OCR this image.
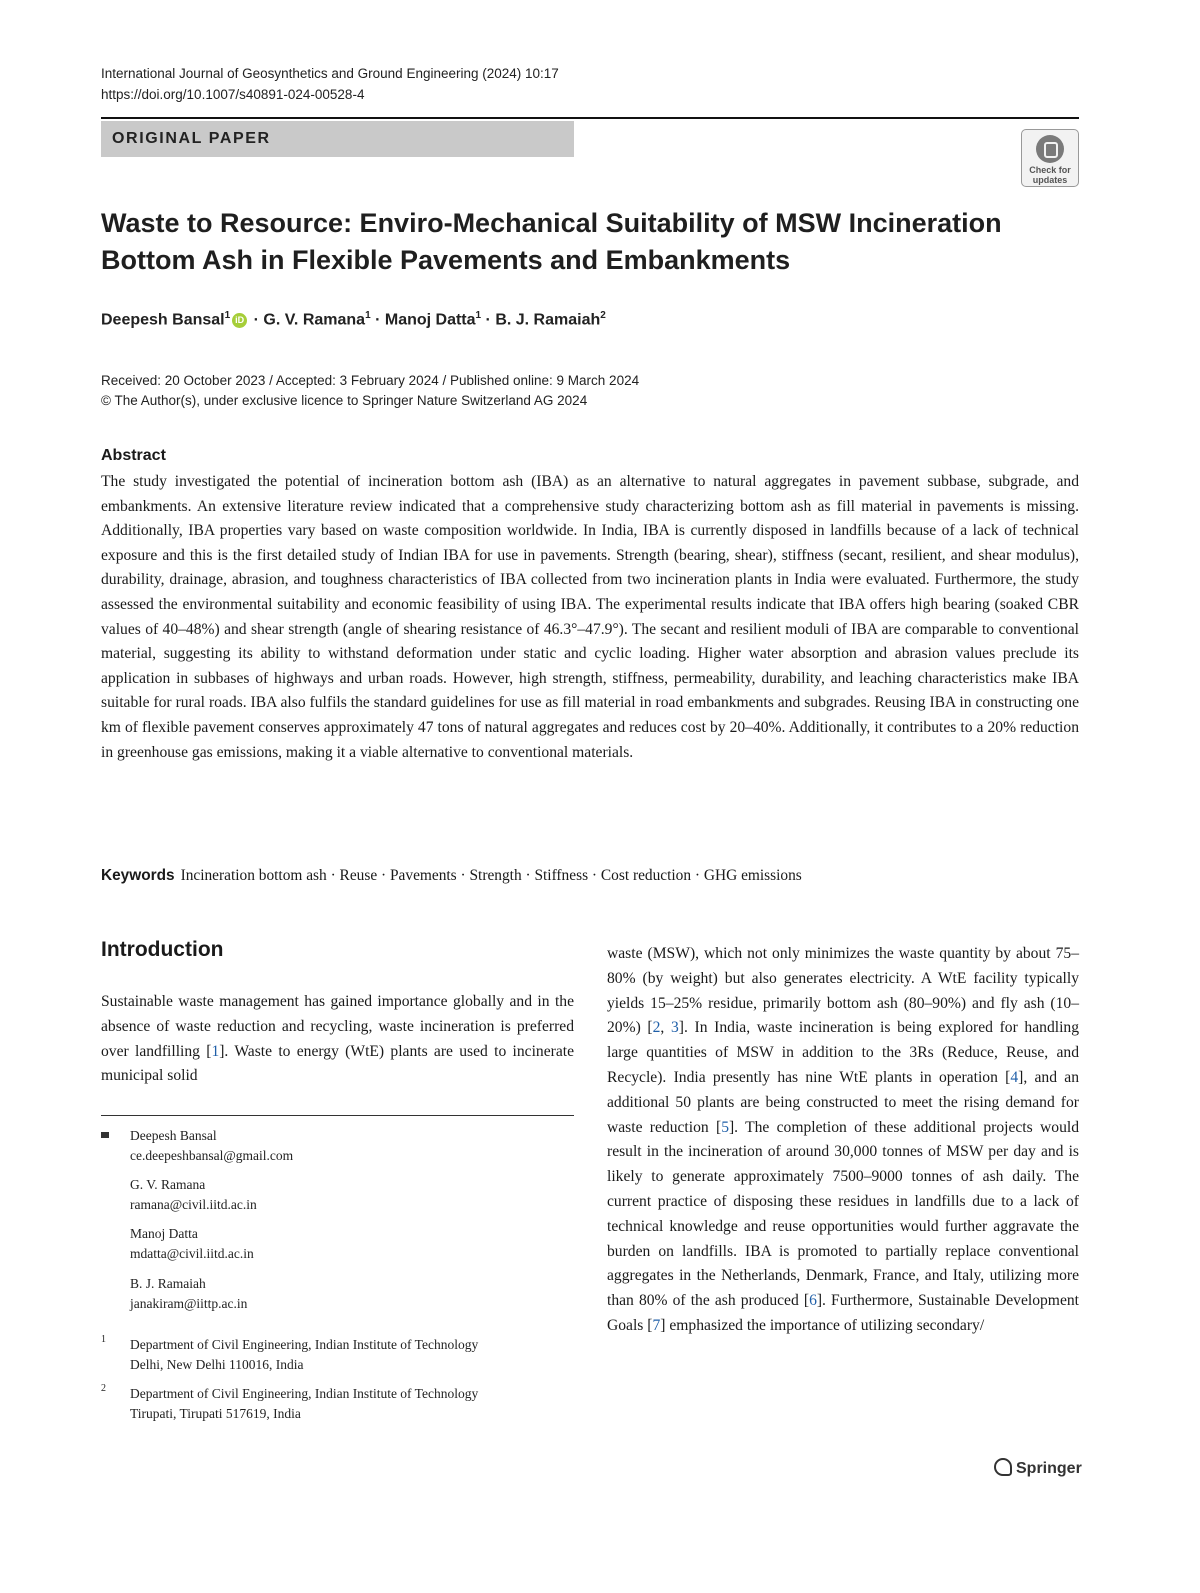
International Journal of Geosynthetics and Ground Engineering (2024) 10:17
https://doi.org/10.1007/s40891-024-00528-4
ORIGINAL PAPER
Check for updates
Waste to Resource: Enviro-Mechanical Suitability of MSW Incineration Bottom Ash in Flexible Pavements and Embankments
Deepesh Bansal$^1$ iD · G. V. Ramana$^1$ · Manoj Datta$^1$ · B. J. Ramaiah$^2$
Received: 20 October 2023 / Accepted: 3 February 2024 / Published online: 9 March 2024
© The Author(s), under exclusive licence to Springer Nature Switzerland AG 2024
Abstract
The study investigated the potential of incineration bottom ash (IBA) as an alternative to natural aggregates in pavement subbase, subgrade, and embankments. An extensive literature review indicated that a comprehensive study characterizing bottom ash as fill material in pavements is missing. Additionally, IBA properties vary based on waste composition worldwide. In India, IBA is currently disposed in landfills because of a lack of technical exposure and this is the first detailed study of Indian IBA for use in pavements. Strength (bearing, shear), stiffness (secant, resilient, and shear modulus), durability, drainage, abrasion, and toughness characteristics of IBA collected from two incineration plants in India were evaluated. Furthermore, the study assessed the environmental suitability and economic feasibility of using IBA. The experimental results indicate that IBA offers high bearing (soaked CBR values of 40–48%) and shear strength (angle of shearing resistance of 46.3°–47.9°). The secant and resilient moduli of IBA are comparable to conventional material, suggesting its ability to withstand deformation under static and cyclic loading. Higher water absorption and abrasion values preclude its application in subbases of highways and urban roads. However, high strength, stiffness, permeability, durability, and leaching characteristics make IBA suitable for rural roads. IBA also fulfils the standard guidelines for use as fill material in road embankments and subgrades. Reusing IBA in constructing one km of flexible pavement conserves approximately 47 tons of natural aggregates and reduces cost by 20–40%. Additionally, it contributes to a 20% reduction in greenhouse gas emissions, making it a viable alternative to conventional materials.
Keywords Incineration bottom ash · Reuse · Pavements · Strength · Stiffness · Cost reduction · GHG emissions
Introduction
Sustainable waste management has gained importance globally and in the absence of waste reduction and recycling, waste incineration is preferred over landfilling [1]. Waste to energy (WtE) plants are used to incinerate municipal solid
waste (MSW), which not only minimizes the waste quantity by about 75–80% (by weight) but also generates electricity. A WtE facility typically yields 15–25% residue, primarily bottom ash (80–90%) and fly ash (10–20%) [2, 3]. In India, waste incineration is being explored for handling large quantities of MSW in addition to the 3Rs (Reduce, Reuse, and Recycle). India presently has nine WtE plants in operation [4], and an additional 50 plants are being constructed to meet the rising demand for waste reduction [5]. The completion of these additional projects would result in the incineration of around 30,000 tonnes of MSW per day and is likely to generate approximately 7500–9000 tonnes of ash daily. The current practice of disposing these residues in landfills due to a lack of technical knowledge and reuse opportunities would further aggravate the burden on landfills. IBA is promoted to partially replace conventional aggregates in the Netherlands, Denmark, France, and Italy, utilizing more than 80% of the ash produced [6]. Furthermore, Sustainable Development Goals [7] emphasized the importance of utilizing secondary/
Deepesh Bansal
ce.deepeshbansal@gmail.com
G. V. Ramana
ramana@civil.iitd.ac.in
Manoj Datta
mdatta@civil.iitd.ac.in
B. J. Ramaiah
janakiram@iittp.ac.in
1 Department of Civil Engineering, Indian Institute of Technology Delhi, New Delhi 110016, India
2 Department of Civil Engineering, Indian Institute of Technology Tirupati, Tirupati 517619, India
Springer
